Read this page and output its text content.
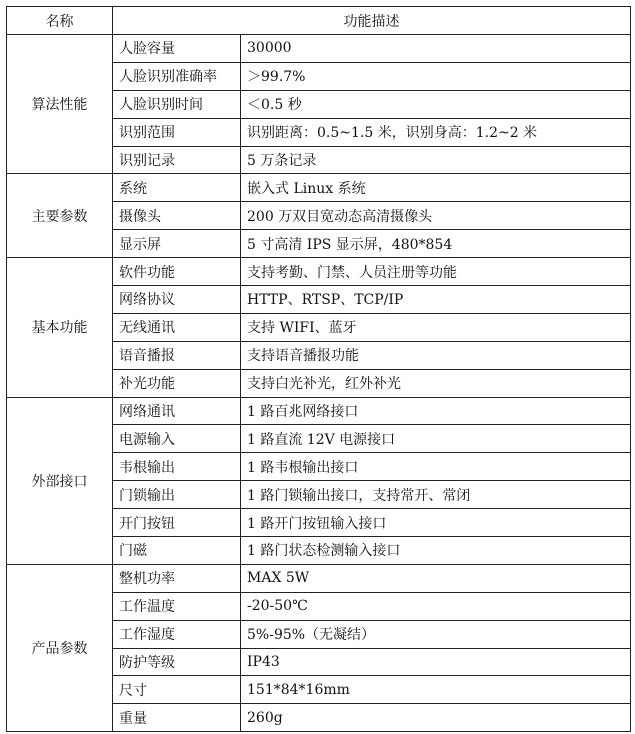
名称	功能描述	
算法性能	人脸容量	30000
	人脸识别准确率	＞99.7%
	人脸识别时间	＜0.5 秒
	识别范围	识别距离：0.5~1.5 米，识别身高：1.2~2 米
	识别记录	5 万条记录
主要参数	系统	嵌入式 Linux 系统
	摄像头	200 万双目宽动态高清摄像头
	显示屏	5 寸高清 IPS 显示屏，480*854
基本功能	软件功能	支持考勤、门禁、人员注册等功能
	网络协议	HTTP、RTSP、TCP/IP
	无线通讯	支持 WIFI、蓝牙
	语音播报	支持语音播报功能
	补光功能	支持白光补光，红外补光
外部接口	网络通讯	1 路百兆网络接口
	电源输入	1 路直流 12V 电源接口
	韦根输出	1 路韦根输出接口
	门锁输出	1 路门锁输出接口，支持常开、常闭
	开门按钮	1 路开门按钮输入接口
	门磁	1 路门状态检测输入接口
产品参数	整机功率	MAX 5W
	工作温度	-20-50℃
	工作湿度	5%-95%（无凝结）
	防护等级	IP43
	尺寸	151*84*16mm
	重量	260g
